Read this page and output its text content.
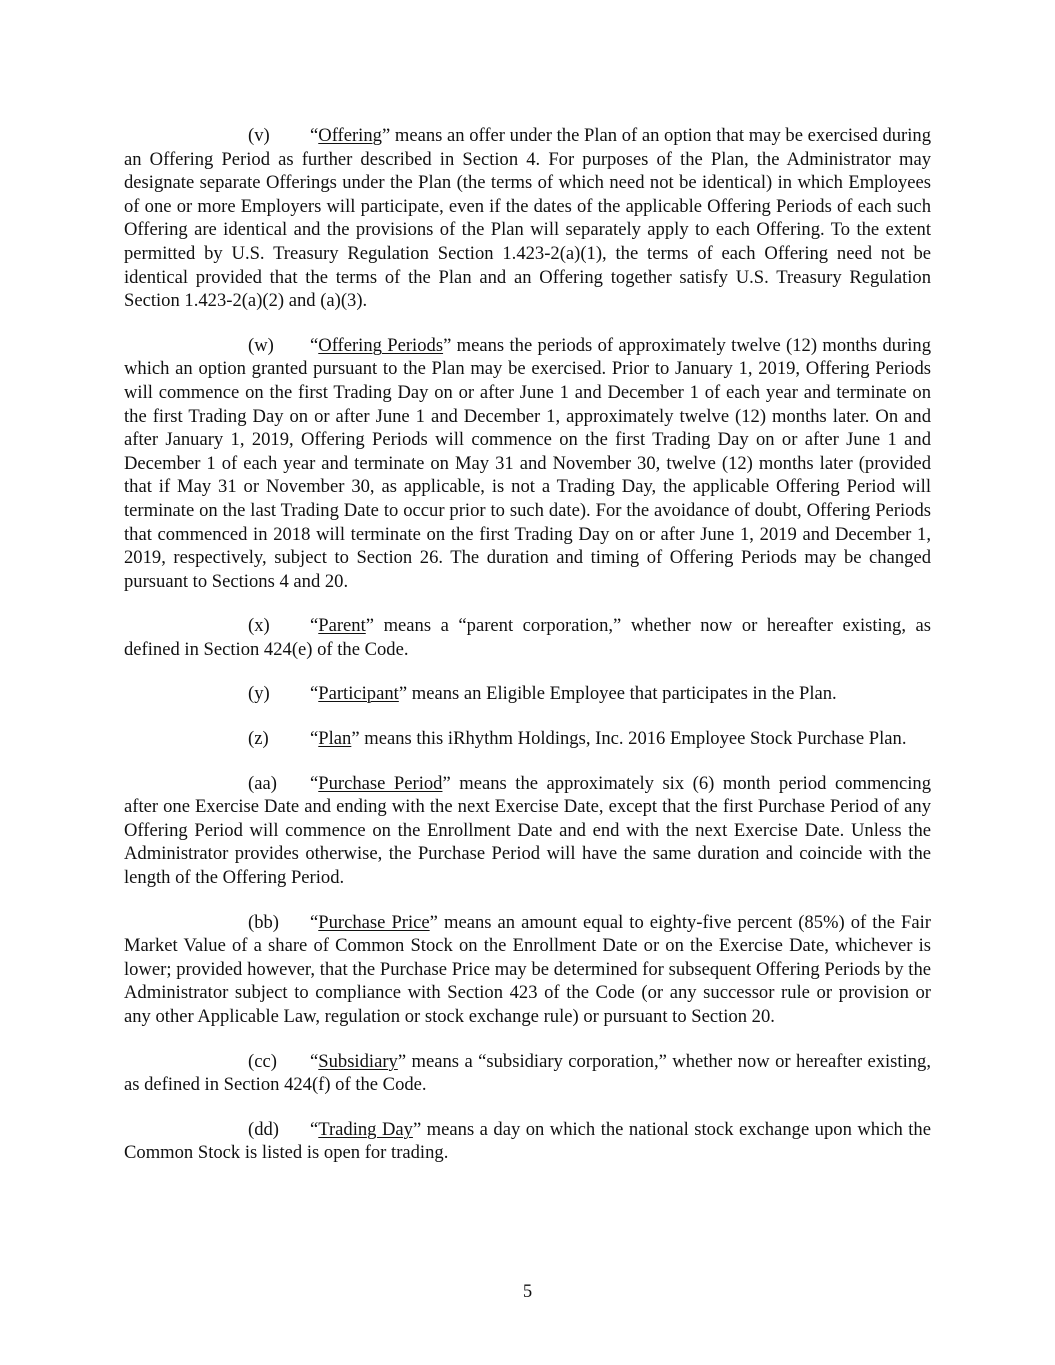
(v) “Offering” means an offer under the Plan of an option that may be exercised during an Offering Period as further described in Section 4. For purposes of the Plan, the Administrator may designate separate Offerings under the Plan (the terms of which need not be identical) in which Employees of one or more Employers will participate, even if the dates of the applicable Offering Periods of each such Offering are identical and the provisions of the Plan will separately apply to each Offering. To the extent permitted by U.S. Treasury Regulation Section 1.423-2(a)(1), the terms of each Offering need not be identical provided that the terms of the Plan and an Offering together satisfy U.S. Treasury Regulation Section 1.423-2(a)(2) and (a)(3).

(w) “Offering Periods” means the periods of approximately twelve (12) months during which an option granted pursuant to the Plan may be exercised. Prior to January 1, 2019, Offering Periods will commence on the first Trading Day on or after June 1 and December 1 of each year and terminate on the first Trading Day on or after June 1 and December 1, approximately twelve (12) months later. On and after January 1, 2019, Offering Periods will commence on the first Trading Day on or after June 1 and December 1 of each year and terminate on May 31 and November 30, twelve (12) months later (provided that if May 31 or November 30, as applicable, is not a Trading Day, the applicable Offering Period will terminate on the last Trading Date to occur prior to such date). For the avoidance of doubt, Offering Periods that commenced in 2018 will terminate on the first Trading Day on or after June 1, 2019 and December 1, 2019, respectively, subject to Section 26. The duration and timing of Offering Periods may be changed pursuant to Sections 4 and 20.

(x) “Parent” means a “parent corporation,” whether now or hereafter existing, as defined in Section 424(e) of the Code.

(y) “Participant” means an Eligible Employee that participates in the Plan.

(z) “Plan” means this iRhythm Holdings, Inc. 2016 Employee Stock Purchase Plan.

(aa) “Purchase Period” means the approximately six (6) month period commencing after one Exercise Date and ending with the next Exercise Date, except that the first Purchase Period of any Offering Period will commence on the Enrollment Date and end with the next Exercise Date. Unless the Administrator provides otherwise, the Purchase Period will have the same duration and coincide with the length of the Offering Period.

(bb) “Purchase Price” means an amount equal to eighty-five percent (85%) of the Fair Market Value of a share of Common Stock on the Enrollment Date or on the Exercise Date, whichever is lower; provided however, that the Purchase Price may be determined for subsequent Offering Periods by the Administrator subject to compliance with Section 423 of the Code (or any successor rule or provision or any other Applicable Law, regulation or stock exchange rule) or pursuant to Section 20.

(cc) “Subsidiary” means a “subsidiary corporation,” whether now or hereafter existing, as defined in Section 424(f) of the Code.

(dd) “Trading Day” means a day on which the national stock exchange upon which the Common Stock is listed is open for trading.

5
